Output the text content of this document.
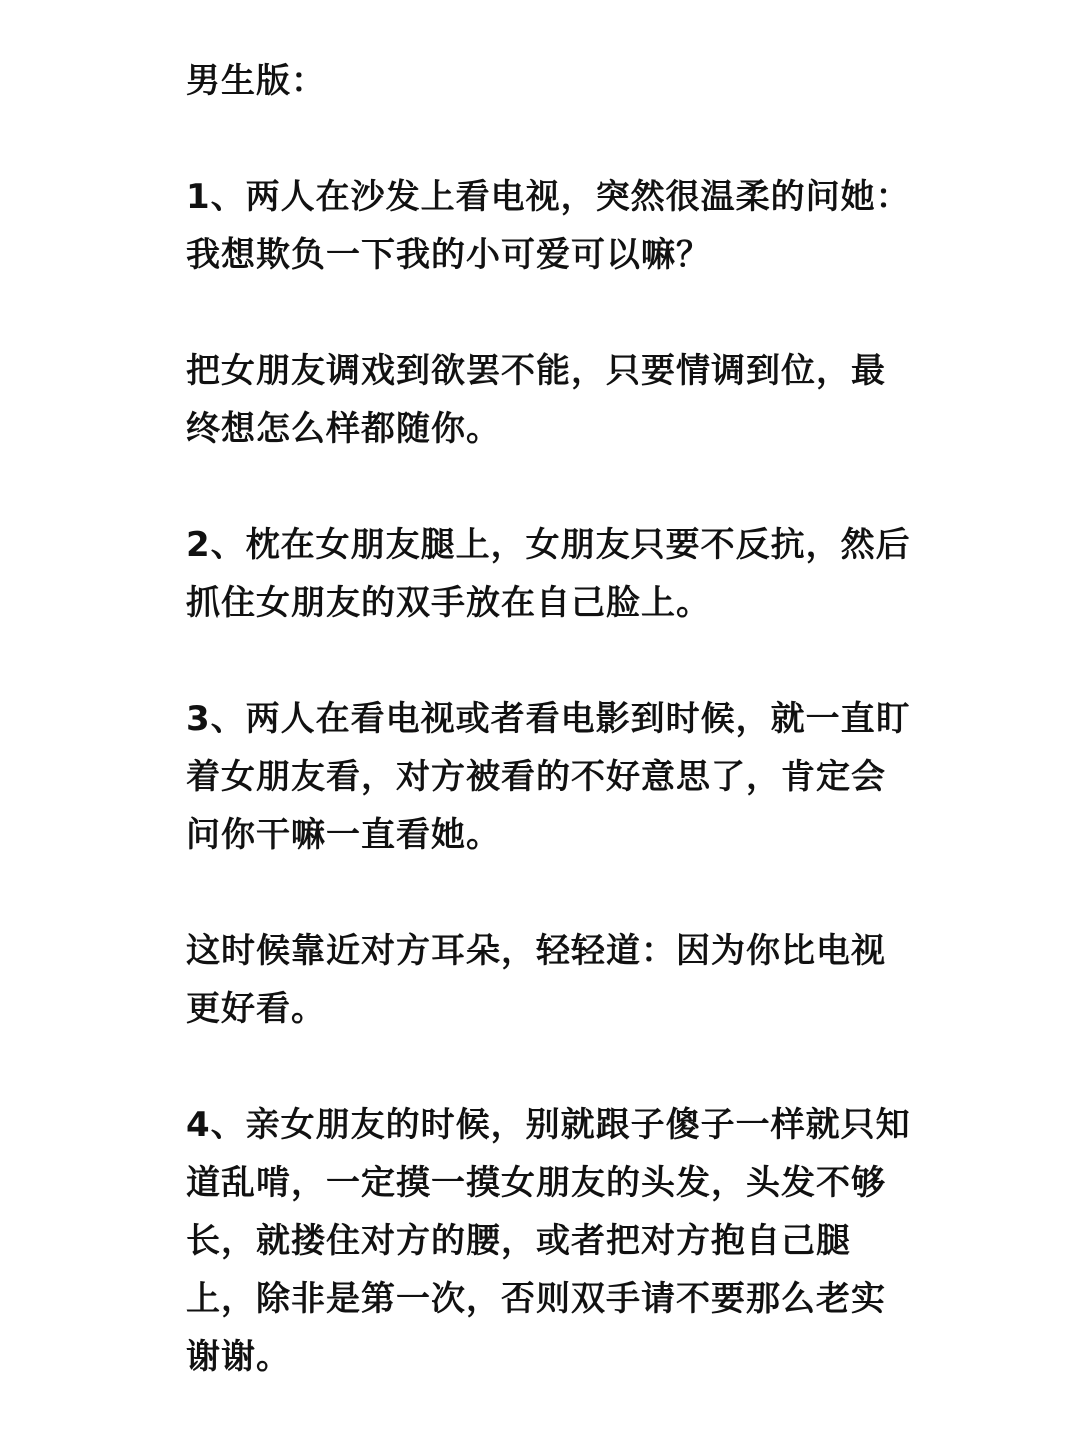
男生版：
1、两人在沙发上看电视，突然很温柔的问她：
我想欺负一下我的小可爱可以嘛？
把女朋友调戏到欲罢不能，只要情调到位，最
终想怎么样都随你。
2、枕在女朋友腿上，女朋友只要不反抗，然后
抓住女朋友的双手放在自己脸上。
3、两人在看电视或者看电影到时候，就一直盯
着女朋友看，对方被看的不好意思了，肯定会
问你干嘛一直看她。
这时候靠近对方耳朵，轻轻道：因为你比电视
更好看。
4、亲女朋友的时候，别就跟子傻子一样就只知
道乱啃，一定摸一摸女朋友的头发，头发不够
长，就搂住对方的腰，或者把对方抱自己腿
上，除非是第一次，否则双手请不要那么老实
谢谢。
